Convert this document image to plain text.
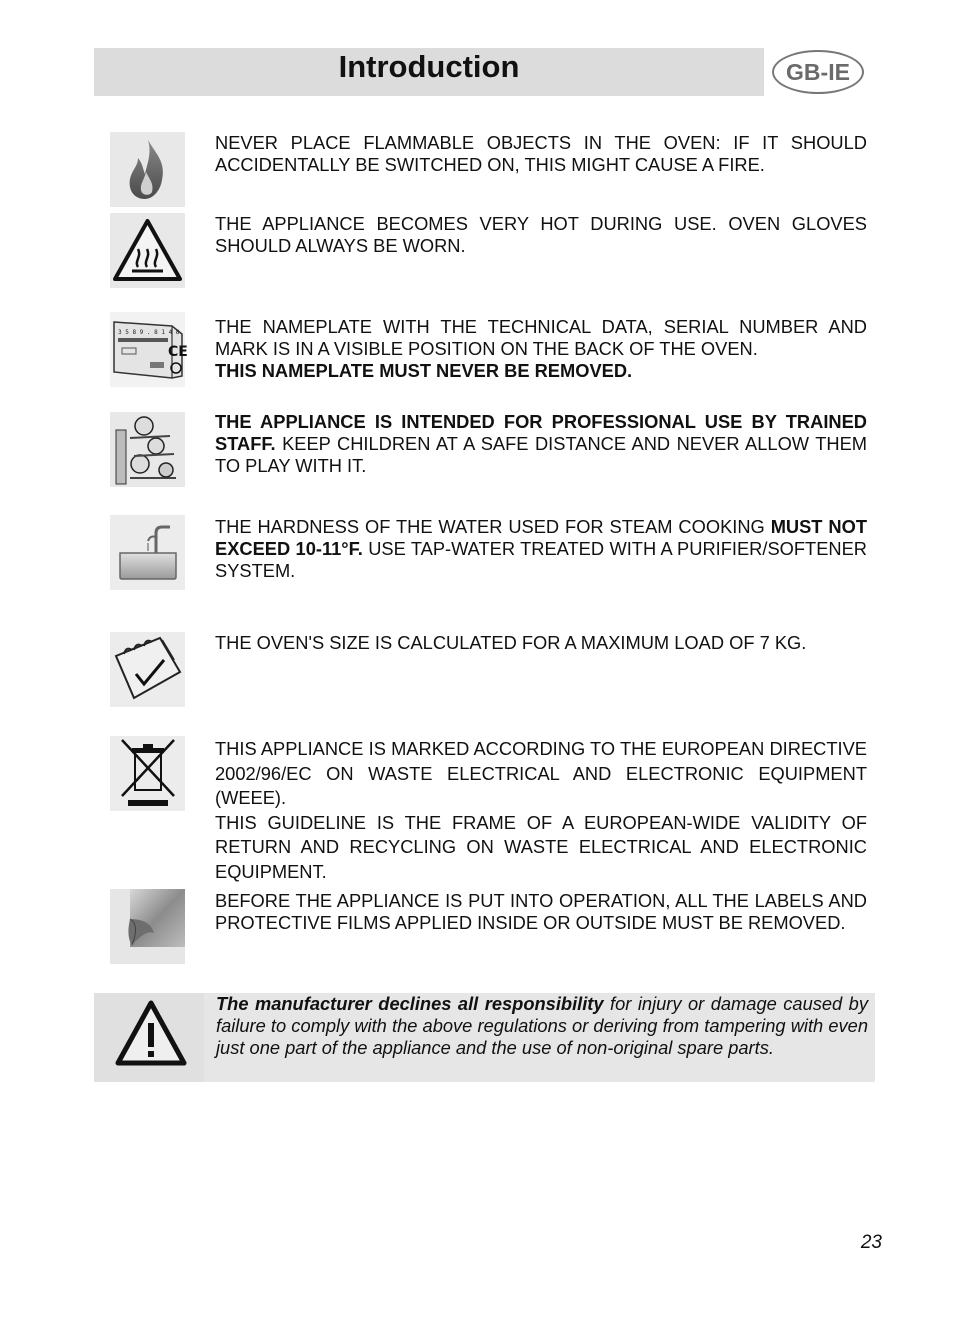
Introduction	GB-IE
NEVER PLACE FLAMMABLE OBJECTS IN THE OVEN: IF IT SHOULD ACCIDENTALLY BE SWITCHED ON, THIS MIGHT CAUSE A FIRE.
THE APPLIANCE BECOMES VERY HOT DURING USE. OVEN GLOVES SHOULD ALWAYS BE WORN.
3 5 8 9 . 8 1 4 8
CE
THE NAMEPLATE WITH THE TECHNICAL DATA, SERIAL NUMBER AND MARK IS IN A VISIBLE POSITION ON THE BACK OF THE OVEN.
THIS NAMEPLATE MUST NEVER BE REMOVED.
THE APPLIANCE IS INTENDED FOR PROFESSIONAL USE BY TRAINED STAFF. KEEP CHILDREN AT A SAFE DISTANCE AND NEVER ALLOW THEM TO PLAY WITH IT.
THE HARDNESS OF THE WATER USED FOR STEAM COOKING MUST NOT EXCEED 10-11°F. USE TAP-WATER TREATED WITH A PURIFIER/SOFTENER SYSTEM.
THE OVEN'S SIZE IS CALCULATED FOR A MAXIMUM LOAD OF 7 KG.
THIS APPLIANCE IS MARKED ACCORDING TO THE EUROPEAN DIRECTIVE 2002/96/EC ON WASTE ELECTRICAL AND ELECTRONIC EQUIPMENT (WEEE).
THIS GUIDELINE IS THE FRAME OF A EUROPEAN-WIDE VALIDITY OF RETURN AND RECYCLING ON WASTE ELECTRICAL AND ELECTRONIC EQUIPMENT.
BEFORE THE APPLIANCE IS PUT INTO OPERATION, ALL THE LABELS AND PROTECTIVE FILMS APPLIED INSIDE OR OUTSIDE MUST BE REMOVED.
The manufacturer declines all responsibility for injury or damage caused by failure to comply with the above regulations or deriving from tampering with even just one part of the appliance and the use of non-original spare parts.
23
